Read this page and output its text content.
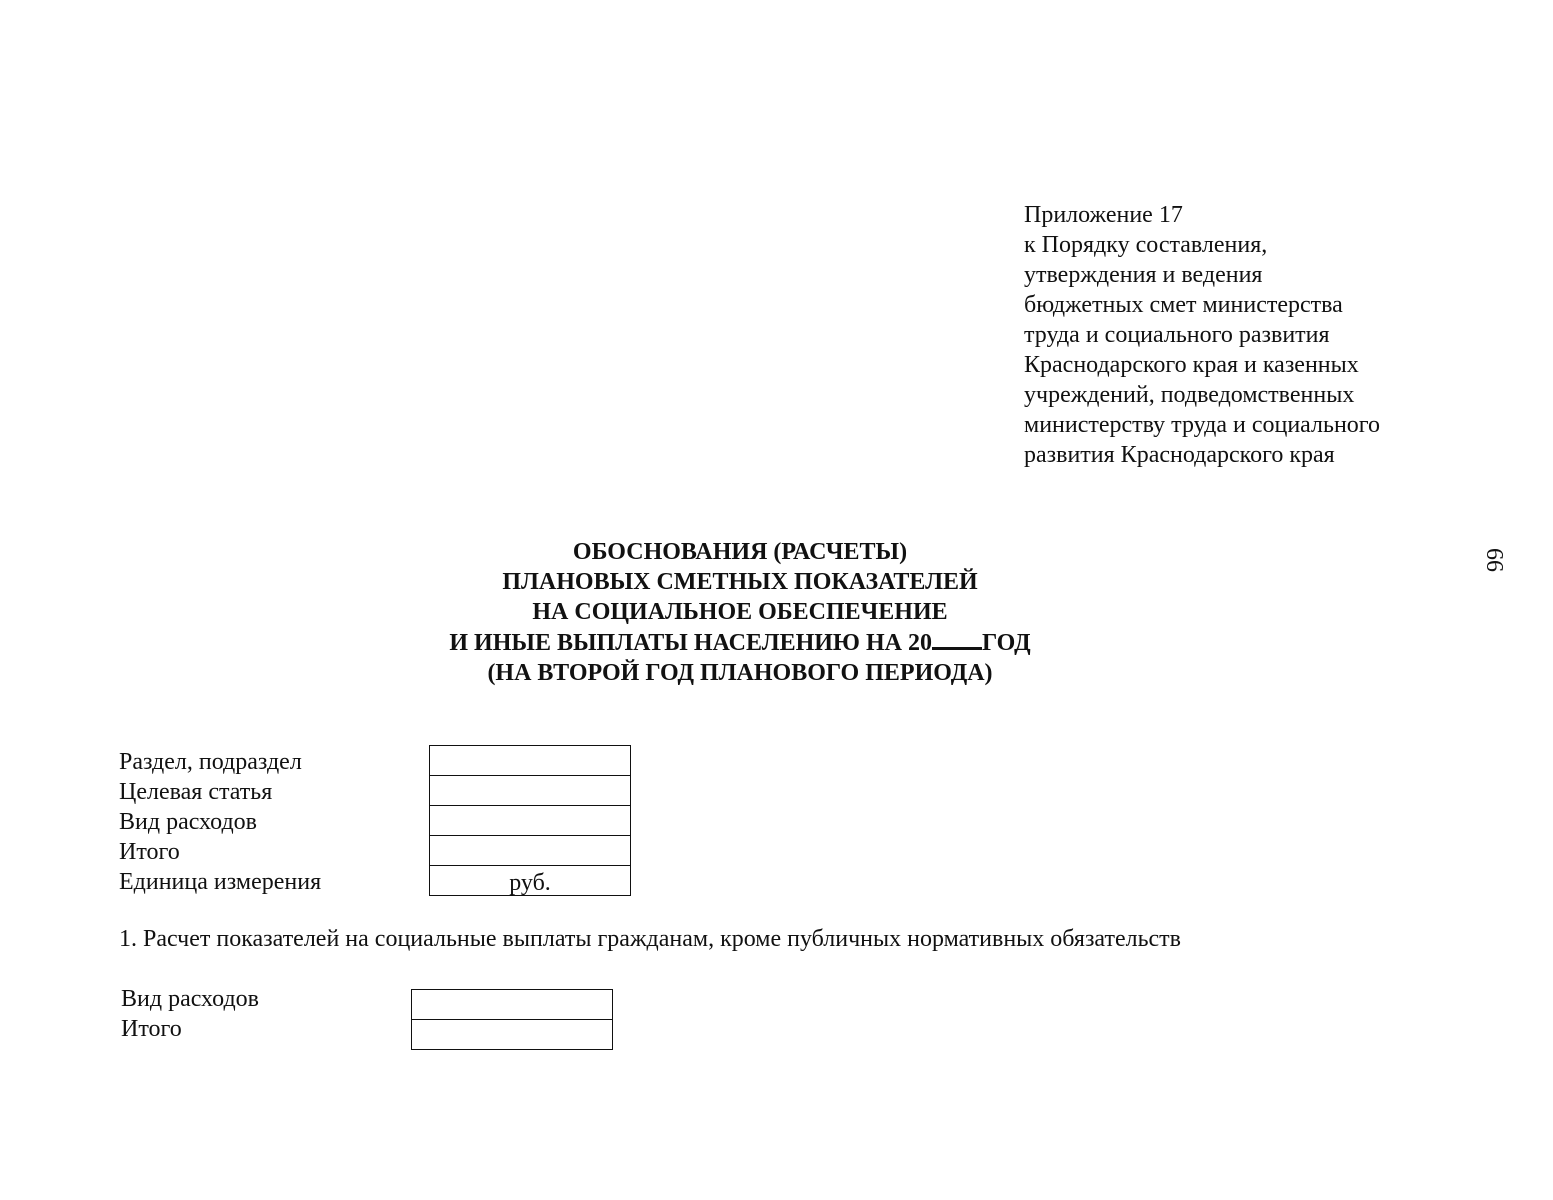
Приложение 17
к Порядку составления,
утверждения и ведения
бюджетных смет министерства
труда и социального развития
Краснодарского края и казенных
учреждений, подведомственных
министерству труда и социального
развития Краснодарского края
66
ОБОСНОВАНИЯ (РАСЧЕТЫ)
ПЛАНОВЫХ СМЕТНЫХ ПОКАЗАТЕЛЕЙ
НА СОЦИАЛЬНОЕ ОБЕСПЕЧЕНИЕ
И ИНЫЕ ВЫПЛАТЫ НАСЕЛЕНИЮ НА 20 ГОД
(НА ВТОРОЙ ГОД ПЛАНОВОГО ПЕРИОДА)
Раздел, подраздел
Целевая статья
Вид расходов
Итого
Единица измерения	руб.
1. Расчет показателей на социальные выплаты гражданам, кроме публичных нормативных обязательств
Вид расходов
Итого
